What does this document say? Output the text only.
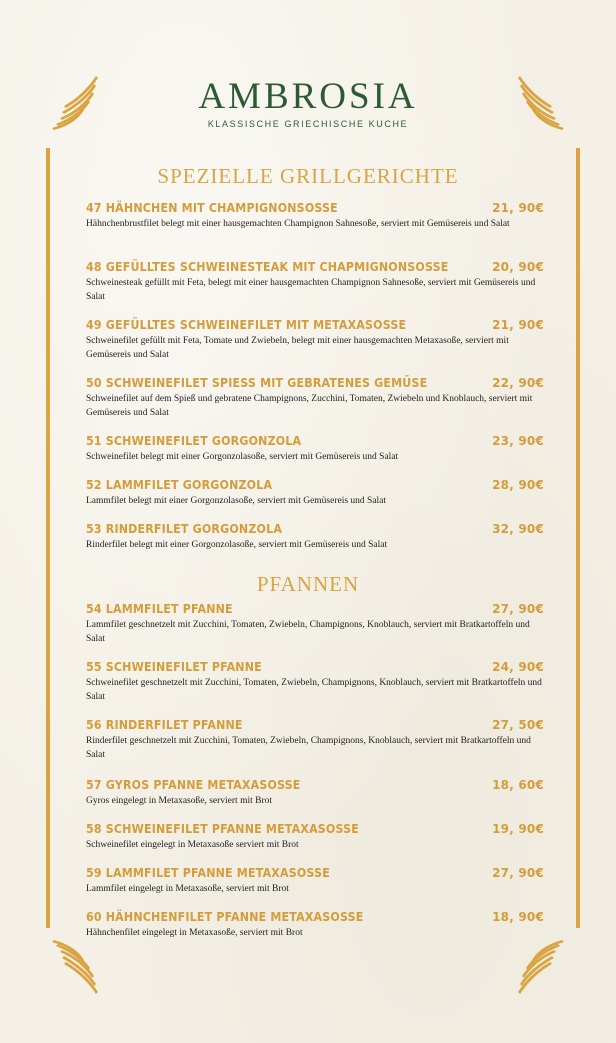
AMBROSIA
KLASSISCHE GRIECHISCHE KUCHE
SPEZIELLE GRILLGERICHTE
47 HÄHNCHEN MIT CHAMPIGNONSOSSE	21, 90€
Hähnchenbrustfilet belegt mit einer hausgemachten Champignon Sahnesoße, serviert mit Gemüsereis und Salat
48 GEFÜLLTES SCHWEINESTEAK MIT CHAPMIGNONSOSSE	20, 90€
Schweinesteak gefüllt mit Feta, belegt mit einer hausgemachten Champignon Sahnesoße, serviert mit Gemüsereis und Salat
49 GEFÜLLTES SCHWEINEFILET MIT METAXASOSSE	21, 90€
Schweinefilet gefüllt mit Feta, Tomate und Zwiebeln, belegt mit einer hausgemachten Metaxasoße, serviert mit Gemüsereis und Salat
50 SCHWEINEFILET SPIESS MIT GEBRATENES GEMÜSE	22, 90€
Schweinefilet auf dem Spieß und gebratene Champignons, Zucchini, Tomaten, Zwiebeln und Knoblauch, serviert mit Gemüsereis und Salat
51 SCHWEINEFILET GORGONZOLA	23, 90€
Schweinefilet belegt mit einer Gorgonzolasoße, serviert mit Gemüsereis und Salat
52 LAMMFILET GORGONZOLA	28, 90€
Lammfilet belegt mit einer Gorgonzolasoße, serviert mit Gemüsereis und Salat
53 RINDERFILET GORGONZOLA	32, 90€
Rinderfilet belegt mit einer Gorgonzolasoße, serviert mit Gemüsereis und Salat
PFANNEN
54 LAMMFILET PFANNE	27, 90€
Lammfilet geschnetzelt mit Zucchini, Tomaten, Zwiebeln, Champignons, Knoblauch, serviert mit Bratkartoffeln und Salat
55 SCHWEINEFILET PFANNE	24, 90€
Schweinefilet geschnetzelt mit Zucchini, Tomaten, Zwiebeln, Champignons, Knoblauch, serviert mit Bratkartoffeln und Salat
56 RINDERFILET PFANNE	27, 50€
Rinderfilet geschnetzelt mit Zucchini, Tomaten, Zwiebeln, Champignons, Knoblauch, serviert mit Bratkartoffeln und Salat
57 GYROS PFANNE METAXASOSSE	18, 60€
Gyros eingelegt in Metaxasoße, serviert mit Brot
58 SCHWEINEFILET PFANNE METAXASOSSE	19, 90€
Schweinefilet eingelegt in Metaxasoße serviert mit Brot
59 LAMMFILET PFANNE METAXASOSSE	27, 90€
Lammfilet eingelegt in Metaxasoße, serviert mit Brot
60 HÄHNCHENFILET PFANNE METAXASOSSE	18, 90€
Hähnchenfilet eingelegt in Metaxasoße, serviert mit Brot
